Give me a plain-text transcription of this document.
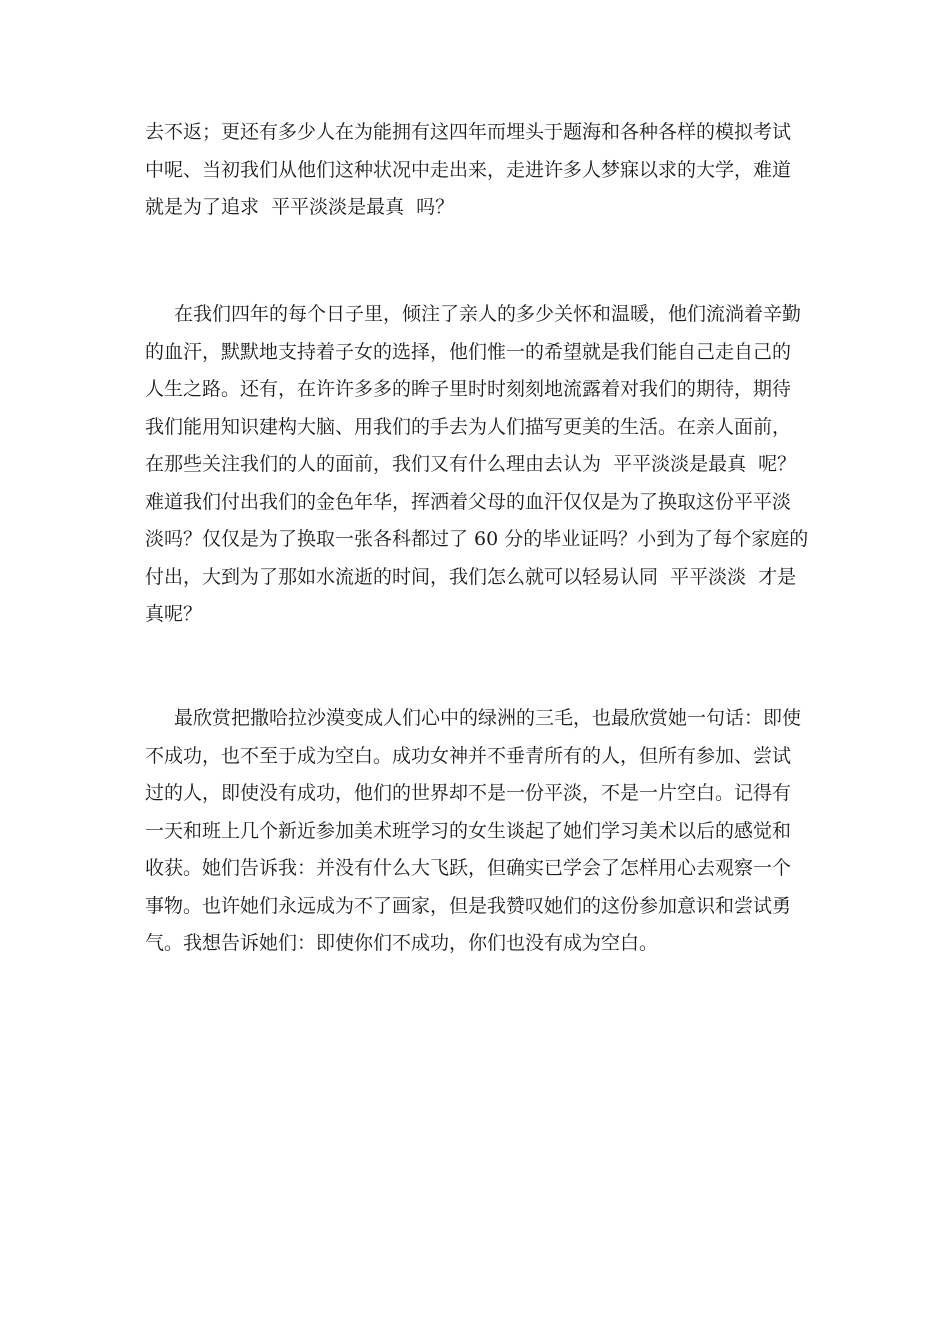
去不返；更还有多少人在为能拥有这四年而埋头于题海和各种各样的模拟考试
中呢、当初我们从他们这种状况中走出来，走进许多人梦寐以求的大学，难道
就是为了追求  平平淡淡是最真  吗？
在我们四年的每个日子里，倾注了亲人的多少关怀和温暖，他们流淌着辛勤
的血汗，默默地支持着子女的选择，他们惟一的希望就是我们能自己走自己的
人生之路。还有，在许许多多的眸子里时时刻刻地流露着对我们的期待，期待
我们能用知识建构大脑、用我们的手去为人们描写更美的生活。在亲人面前，
在那些关注我们的人的面前，我们又有什么理由去认为  平平淡淡是最真  呢？
难道我们付出我们的金色年华，挥洒着父母的血汗仅仅是为了换取这份平平淡
淡吗？仅仅是为了换取一张各科都过了 60 分的毕业证吗？小到为了每个家庭的
付出，大到为了那如水流逝的时间，我们怎么就可以轻易认同  平平淡淡  才是
真呢？
最欣赏把撒哈拉沙漠变成人们心中的绿洲的三毛，也最欣赏她一句话：即使
不成功，也不至于成为空白。成功女神并不垂青所有的人，但所有参加、尝试
过的人，即使没有成功，他们的世界却不是一份平淡，不是一片空白。记得有
一天和班上几个新近参加美术班学习的女生谈起了她们学习美术以后的感觉和
收获。她们告诉我：并没有什么大飞跃，但确实已学会了怎样用心去观察一个
事物。也许她们永远成为不了画家，但是我赞叹她们的这份参加意识和尝试勇
气。我想告诉她们：即使你们不成功，你们也没有成为空白。
